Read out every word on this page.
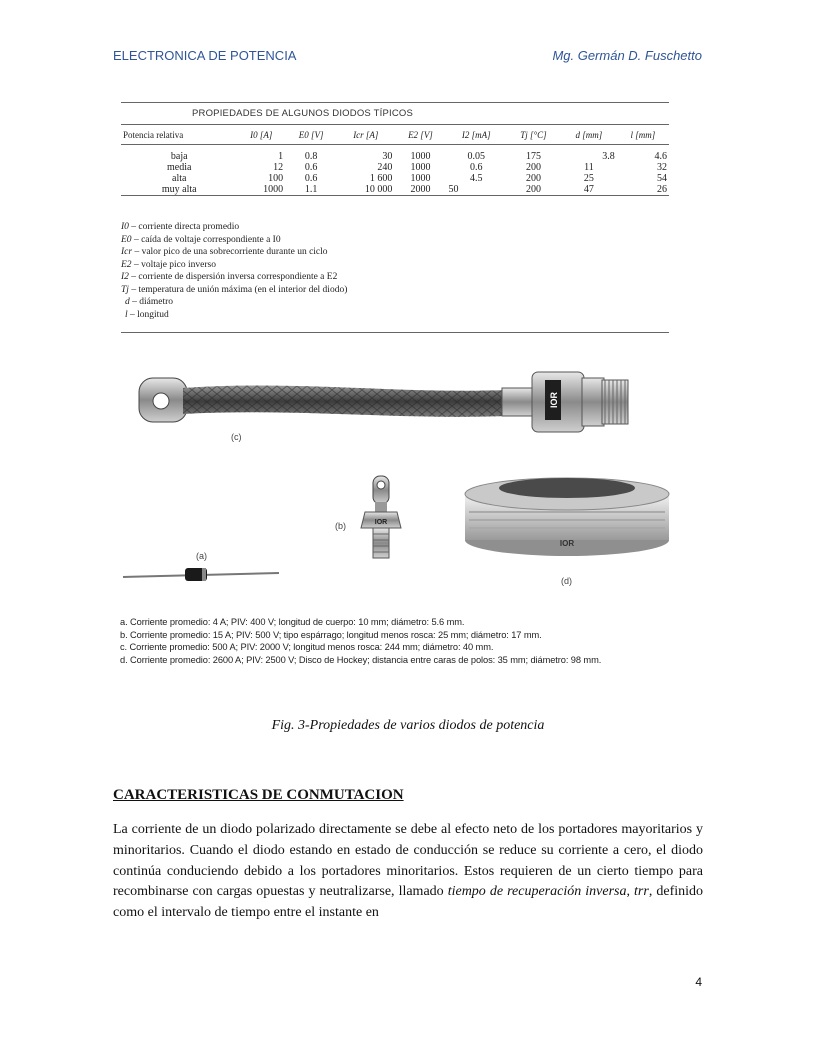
ELECTRONICA DE POTENCIA	Mg. Germán D. Fuschetto
PROPIEDADES DE ALGUNOS DIODOS TÍPICOS
Potencia relativa	I0 [A]	E0 [V]	Icr [A]	E2 [V]	I2 [mA]	Tj [°C]	d [mm]	l [mm]

baja	1	0.8	30	1000	0.05	175	3.8	4.6
media	12	0.6	240	1000	0.6	200	11	32
alta	100	0.6	1 600	1000	4.5	200	25	54
muy alta	1000	1.1	10 000	2000	50	200	47	26
I0 – corriente directa promedio
E0 – caída de voltaje correspondiente a I0
Icr – valor pico de una sobrecorriente durante un ciclo
E2 – voltaje pico inverso
I2 – corriente de dispersión inversa correspondiente a E2
Tj – temperatura de unión máxima (en el interior del diodo)
d – diámetro
l – longitud
IOR
(c)
(a)
IOR
(b)
IOR
(d)
a. Corriente promedio: 4 A; PIV: 400 V; longitud de cuerpo: 10 mm; diámetro: 5.6 mm.
b. Corriente promedio: 15 A; PIV: 500 V; tipo espárrago; longitud menos rosca: 25 mm; diámetro: 17 mm.
c. Corriente promedio: 500 A; PIV: 2000 V; longitud menos rosca: 244 mm; diámetro: 40 mm.
d. Corriente promedio: 2600 A; PIV: 2500 V; Disco de Hockey; distancia entre caras de polos: 35 mm; diámetro: 98 mm.
Fig. 3-Propiedades de varios diodos de potencia
CARACTERISTICAS DE CONMUTACION
La corriente de un diodo polarizado directamente se debe al efecto neto de los portadores mayoritarios y minoritarios. Cuando el diodo estando en estado de conducción se reduce su corriente a cero, el diodo continúa conduciendo debido a los portadores minoritarios. Estos requieren de un cierto tiempo para recombinarse con cargas opuestas y neutralizarse, llamado tiempo de recuperación inversa, trr, definido como el intervalo de tiempo entre el instante en
4
